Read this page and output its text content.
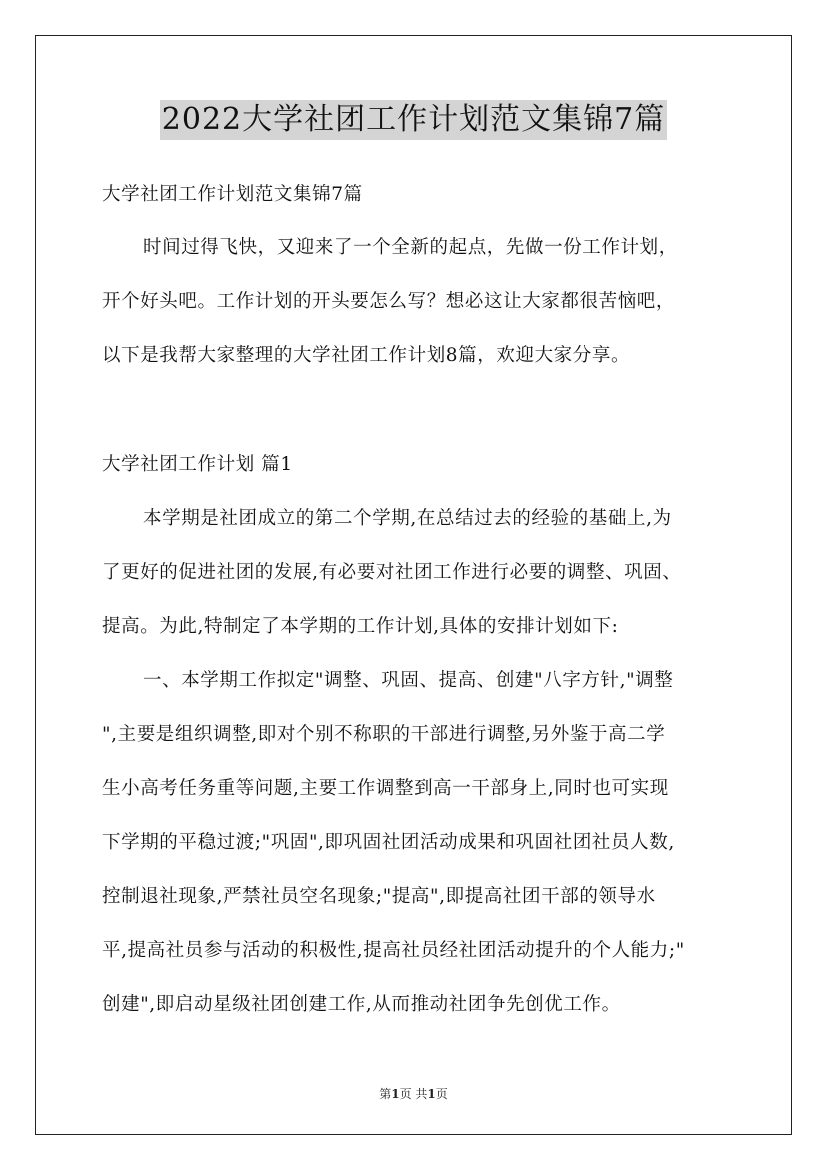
2022大学社团工作计划范文集锦7篇
大学社团工作计划范文集锦7篇
时间过得飞快，又迎来了一个全新的起点，先做一份工作计划，
开个好头吧。工作计划的开头要怎么写？想必这让大家都很苦恼吧，
以下是我帮大家整理的大学社团工作计划8篇，欢迎大家分享。
大学社团工作计划 篇1
本学期是社团成立的第二个学期,在总结过去的经验的基础上,为
了更好的促进社团的发展,有必要对社团工作进行必要的调整、巩固、
提高。为此,特制定了本学期的工作计划,具体的安排计划如下:
一、本学期工作拟定"调整、巩固、提高、创建"八字方针,"调整
",主要是组织调整,即对个别不称职的干部进行调整,另外鉴于高二学
生小高考任务重等问题,主要工作调整到高一干部身上,同时也可实现
下学期的平稳过渡;"巩固",即巩固社团活动成果和巩固社团社员人数,
控制退社现象,严禁社员空名现象;"提高",即提高社团干部的领导水
平,提高社员参与活动的积极性,提高社员经社团活动提升的个人能力;"
创建",即启动星级社团创建工作,从而推动社团争先创优工作。
第1页 共1页
